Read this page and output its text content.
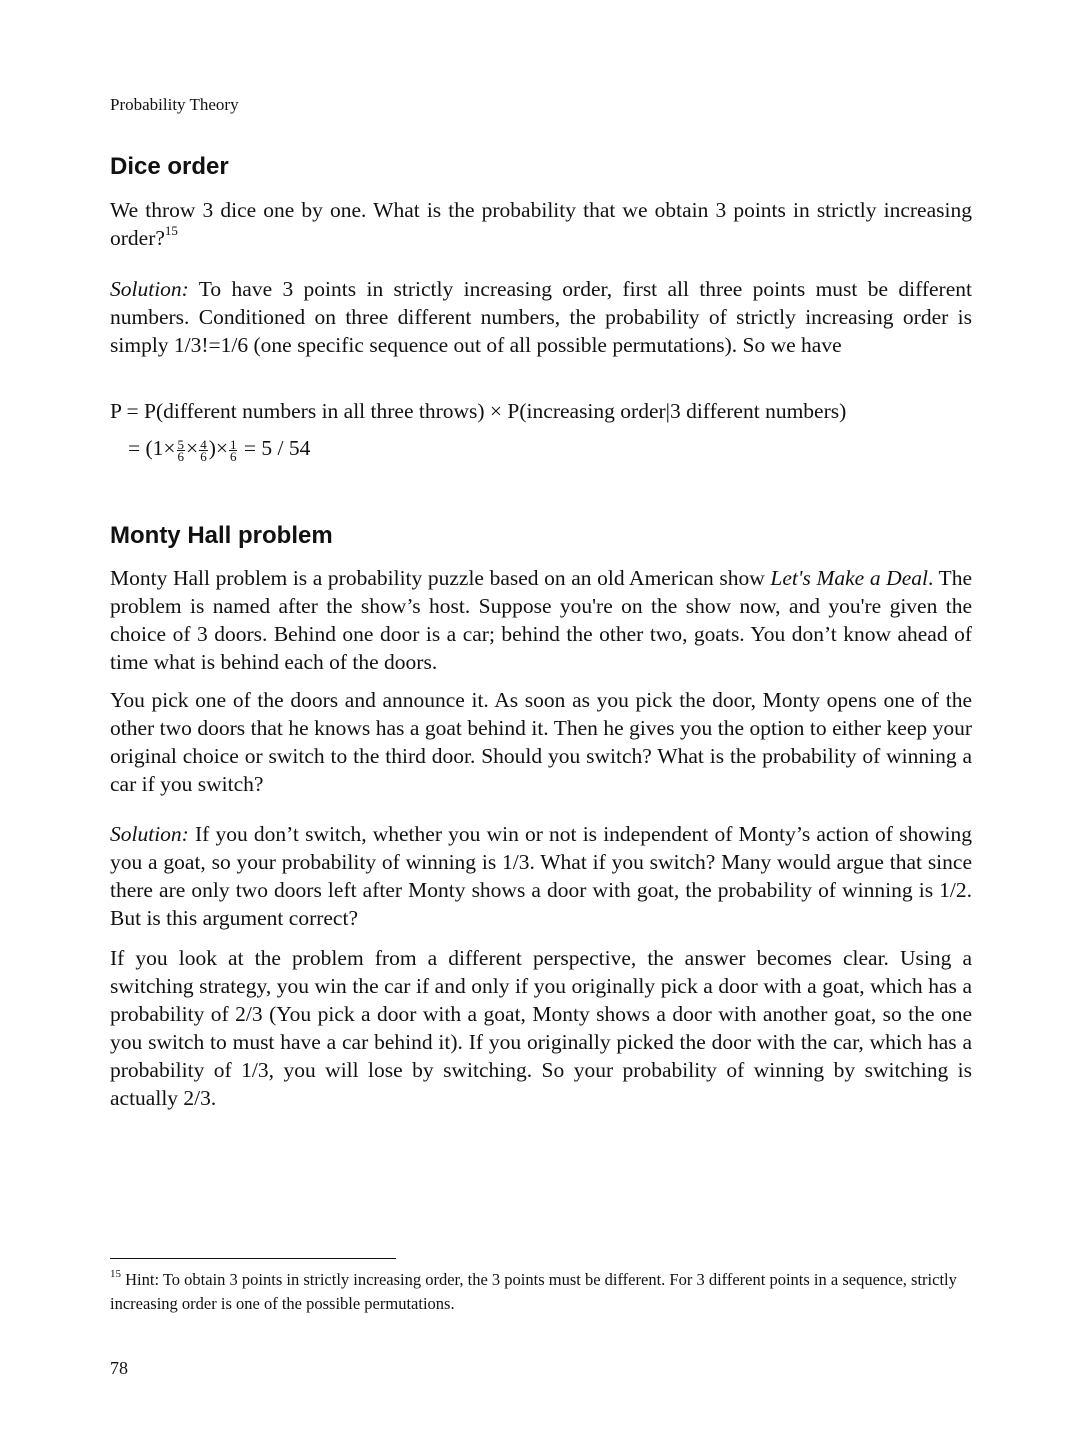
Probability Theory
Dice order
We throw 3 dice one by one. What is the probability that we obtain 3 points in strictly increasing order?$^{15}$
Solution: To have 3 points in strictly increasing order, first all three points must be different numbers. Conditioned on three different numbers, the probability of strictly increasing order is simply 1/3!=1/6 (one specific sequence out of all possible permutations). So we have
P = P(different numbers in all three throws) × P(increasing order|3 different numbers)
= ($1\times \frac{5}{6} \times \frac{4}{6}$ )× $\frac{1}{6} = 5 / 54$
Monty Hall problem
Monty Hall problem is a probability puzzle based on an old American show Let's Make a Deal. The problem is named after the show’s host. Suppose you're on the show now, and you're given the choice of 3 doors. Behind one door is a car; behind the other two, goats. You don’t know ahead of time what is behind each of the doors.
You pick one of the doors and announce it. As soon as you pick the door, Monty opens one of the other two doors that he knows has a goat behind it. Then he gives you the option to either keep your original choice or switch to the third door. Should you switch? What is the probability of winning a car if you switch?
Solution: If you don’t switch, whether you win or not is independent of Monty’s action of showing you a goat, so your probability of winning is 1/3. What if you switch? Many would argue that since there are only two doors left after Monty shows a door with goat, the probability of winning is 1/2. But is this argument correct?
If you look at the problem from a different perspective, the answer becomes clear. Using a switching strategy, you win the car if and only if you originally pick a door with a goat, which has a probability of 2/3 (You pick a door with a goat, Monty shows a door with another goat, so the one you switch to must have a car behind it). If you originally picked the door with the car, which has a probability of 1/3, you will lose by switching. So your probability of winning by switching is actually 2/3.
$^{15}$ Hint: To obtain 3 points in strictly increasing order, the 3 points must be different. For 3 different points in a sequence, strictly increasing order is one of the possible permutations.
78
